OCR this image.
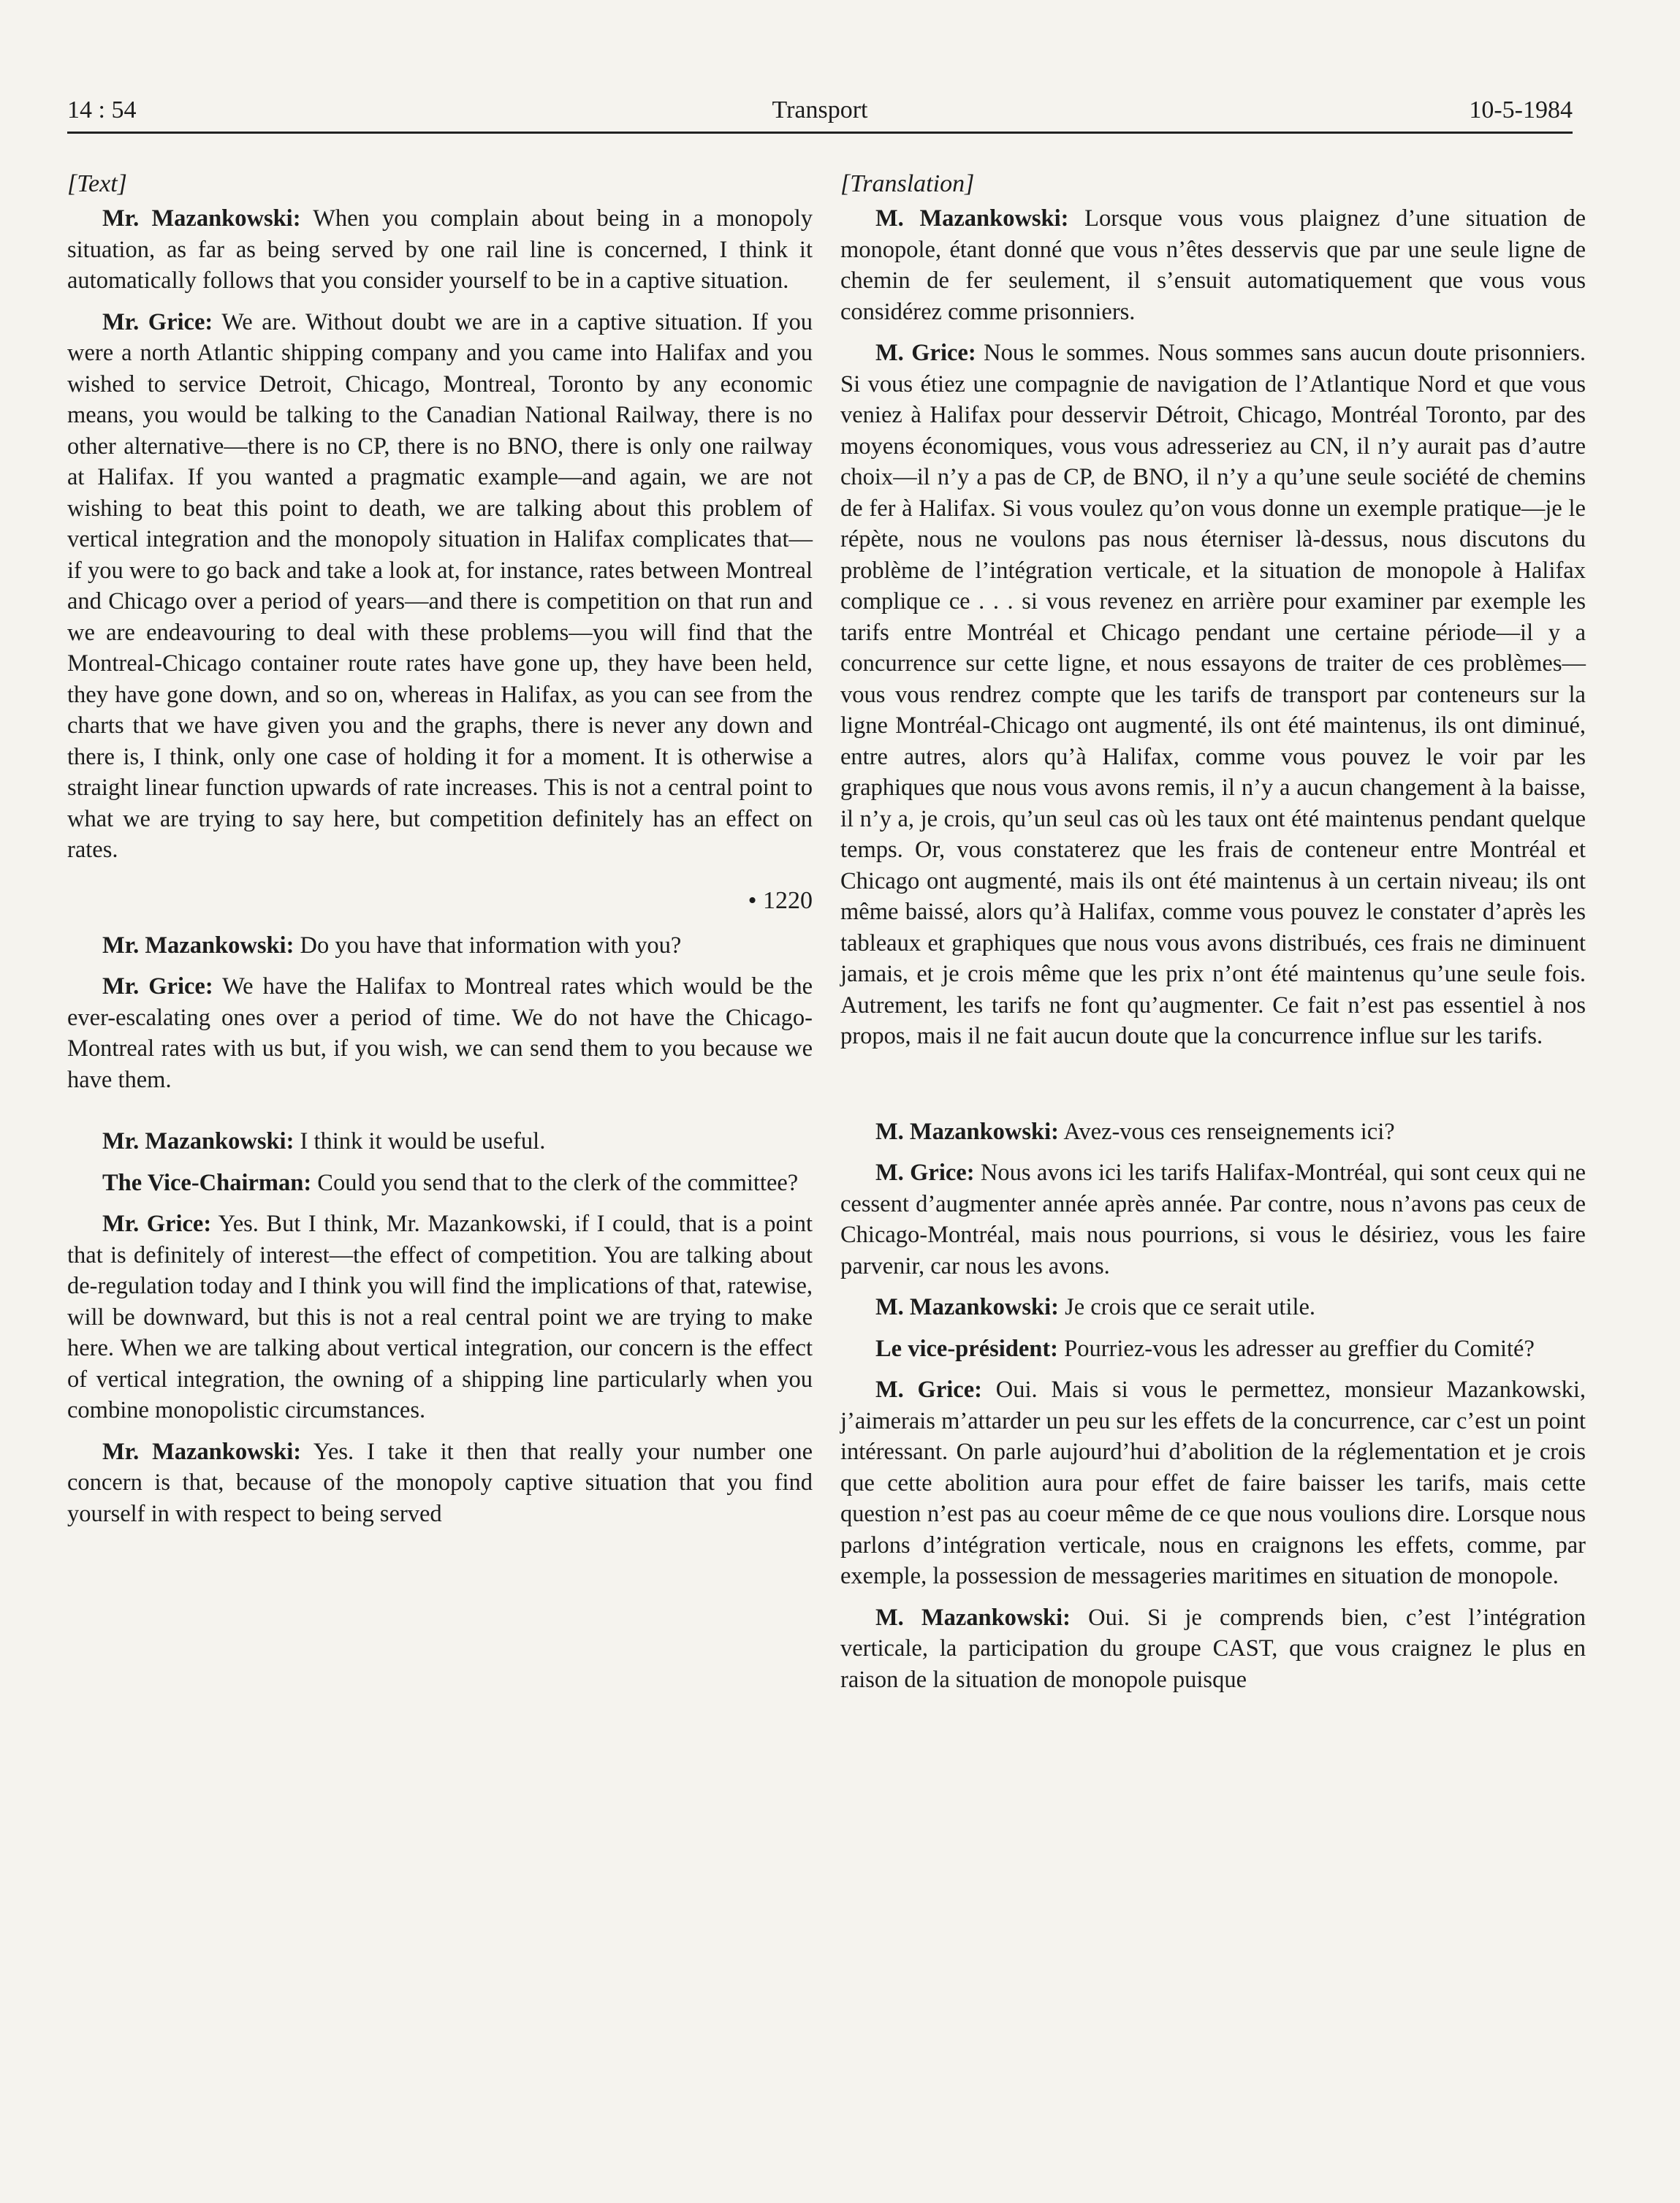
14 : 54	Transport	10-5-1984
[Text]

Mr. Mazankowski: When you complain about being in a monopoly situation, as far as being served by one rail line is concerned, I think it automatically follows that you consider yourself to be in a captive situation.

Mr. Grice: We are. Without doubt we are in a captive situation. If you were a north Atlantic shipping company and you came into Halifax and you wished to service Detroit, Chicago, Montreal, Toronto by any economic means, you would be talking to the Canadian National Railway, there is no other alternative—there is no CP, there is no BNO, there is only one railway at Halifax. If you wanted a pragmatic example—and again, we are not wishing to beat this point to death, we are talking about this problem of vertical integration and the monopoly situation in Halifax complicates that—if you were to go back and take a look at, for instance, rates between Montreal and Chicago over a period of years—and there is competition on that run and we are endeavouring to deal with these problems—you will find that the Montreal-Chicago container route rates have gone up, they have been held, they have gone down, and so on, whereas in Halifax, as you can see from the charts that we have given you and the graphs, there is never any down and there is, I think, only one case of holding it for a moment. It is otherwise a straight linear function upwards of rate increases. This is not a central point to what we are trying to say here, but competition definitely has an effect on rates.

• 1220

Mr. Mazankowski: Do you have that information with you?

Mr. Grice: We have the Halifax to Montreal rates which would be the ever-escalating ones over a period of time. We do not have the Chicago-Montreal rates with us but, if you wish, we can send them to you because we have them.

Mr. Mazankowski: I think it would be useful.

The Vice-Chairman: Could you send that to the clerk of the committee?

Mr. Grice: Yes. But I think, Mr. Mazankowski, if I could, that is a point that is definitely of interest—the effect of competition. You are talking about de-regulation today and I think you will find the implications of that, ratewise, will be downward, but this is not a real central point we are trying to make here. When we are talking about vertical integration, our concern is the effect of vertical integration, the owning of a shipping line particularly when you combine monopolistic circumstances.

Mr. Mazankowski: Yes. I take it then that really your number one concern is that, because of the monopoly captive situation that you find yourself in with respect to being served

[Translation]

M. Mazankowski: Lorsque vous vous plaignez d’une situation de monopole, étant donné que vous n’êtes desservis que par une seule ligne de chemin de fer seulement, il s’ensuit automatiquement que vous vous considérez comme prisonniers.

M. Grice: Nous le sommes. Nous sommes sans aucun doute prisonniers. Si vous étiez une compagnie de navigation de l’Atlantique Nord et que vous veniez à Halifax pour desservir Détroit, Chicago, Montréal Toronto, par des moyens économiques, vous vous adresseriez au CN, il n’y aurait pas d’autre choix—il n’y a pas de CP, de BNO, il n’y a qu’une seule société de chemins de fer à Halifax. Si vous voulez qu’on vous donne un exemple pratique—je le répète, nous ne voulons pas nous éterniser là-dessus, nous discutons du problème de l’intégration verticale, et la situation de monopole à Halifax complique ce . . . si vous revenez en arrière pour examiner par exemple les tarifs entre Montréal et Chicago pendant une certaine période—il y a concurrence sur cette ligne, et nous essayons de traiter de ces problèmes—vous vous rendrez compte que les tarifs de transport par conteneurs sur la ligne Montréal-Chicago ont augmenté, ils ont été maintenus, ils ont diminué, entre autres, alors qu’à Halifax, comme vous pouvez le voir par les graphiques que nous vous avons remis, il n’y a aucun changement à la baisse, il n’y a, je crois, qu’un seul cas où les taux ont été maintenus pendant quelque temps. Or, vous constaterez que les frais de conteneur entre Montréal et Chicago ont augmenté, mais ils ont été maintenus à un certain niveau; ils ont même baissé, alors qu’à Halifax, comme vous pouvez le constater d’après les tableaux et graphiques que nous vous avons distribués, ces frais ne diminuent jamais, et je crois même que les prix n’ont été maintenus qu’une seule fois. Autrement, les tarifs ne font qu’augmenter. Ce fait n’est pas essentiel à nos propos, mais il ne fait aucun doute que la concurrence influe sur les tarifs.

M. Mazankowski: Avez-vous ces renseignements ici?

M. Grice: Nous avons ici les tarifs Halifax-Montréal, qui sont ceux qui ne cessent d’augmenter année après année. Par contre, nous n’avons pas ceux de Chicago-Montréal, mais nous pourrions, si vous le désiriez, vous les faire parvenir, car nous les avons.

M. Mazankowski: Je crois que ce serait utile.

Le vice-président: Pourriez-vous les adresser au greffier du Comité?

M. Grice: Oui. Mais si vous le permettez, monsieur Mazankowski, j’aimerais m’attarder un peu sur les effets de la concurrence, car c’est un point intéressant. On parle aujourd’hui d’abolition de la réglementation et je crois que cette abolition aura pour effet de faire baisser les tarifs, mais cette question n’est pas au coeur même de ce que nous voulions dire. Lorsque nous parlons d’intégration verticale, nous en craignons les effets, comme, par exemple, la possession de messageries maritimes en situation de monopole.

M. Mazankowski: Oui. Si je comprends bien, c’est l’intégration verticale, la participation du groupe CAST, que vous craignez le plus en raison de la situation de monopole puisque
